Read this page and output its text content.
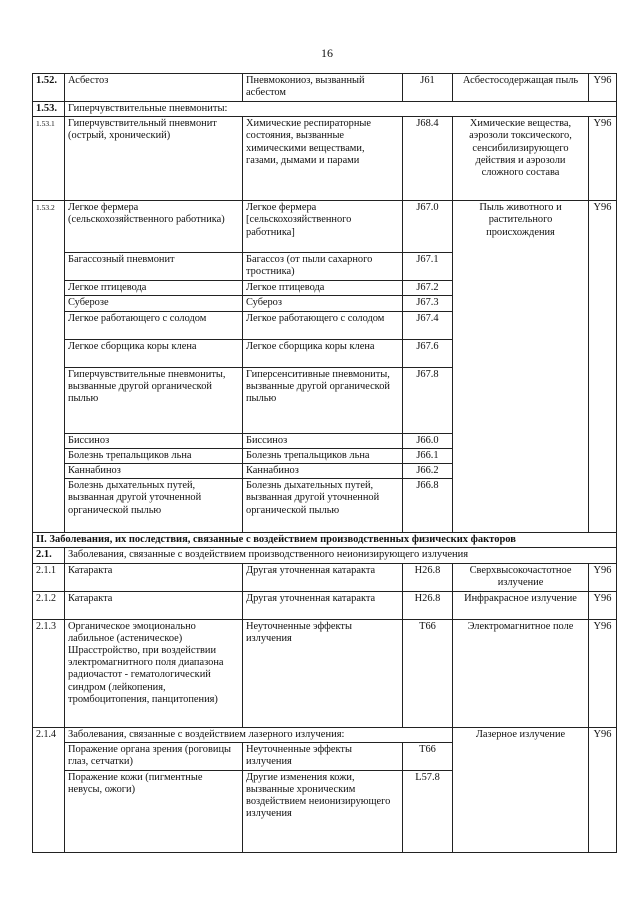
16
1.52.	Асбестоз	Пневмокониоз, вызванный асбестом	J61	Асбестосодержащая пыль	Y96
1.53.	Гиперчувствительные пневмониты:				
1.53.1	Гиперчувствительный пневмонит (острый, хронический)	Химические респираторные состояния, вызванные химическими веществами, газами, дымами и парами	J68.4	Химические вещества, аэрозоли токсического, сенсибилизирующего действия и аэрозоли сложного состава	Y96
1.53.2	Легкое фермера (сельскохозяйственного работника)	Легкое фермера [сельскохозяйственного работника]	J67.0	Пыль животного и растительного происхождения	Y96
	Багассозный пневмонит	Багассоз (от пыли сахарного тростника)	J67.1		
	Легкое птицевода	Легкое птицевода	J67.2		
	Суберозе	Субероз	J67.3		
	Легкое работающего с солодом	Легкое работающего с солодом	J67.4		
	Легкое сборщика коры клена	Легкое сборщика коры клена	J67.6		
	Гиперчувствительные пневмониты, вызванные другой органической пылью	Гиперсенситивные пневмониты, вызванные другой органической пылью	J67.8		
	Биссиноз	Биссиноз	J66.0		
	Болезнь трепальщиков льна	Болезнь трепальщиков льна	J66.1		
	Каннабиноз	Каннабиноз	J66.2		
	Болезнь дыхательных путей, вызванная другой уточненной органической пылью	Болезнь дыхательных путей, вызванная другой уточненной органической пылью	J66.8		
II. Заболевания, их последствия, связанные с воздействием производственных физических факторов					
2.1.	Заболевания, связанные с воздействием производственного неионизирующего излучения				
2.1.1	Катаракта	Другая уточненная катаракта	H26.8	Сверхвысокочастотное излучение	Y96
2.1.2	Катаракта	Другая уточненная катаракта	H26.8	Инфракрасное излучение	Y96
2.1.3	Органическое эмоционально лабильное (астеническое) Шрасстройство, при воздействии электромагнитного поля диапазона радиочастот - гематологический синдром (лейкопения, тромбоцитопения, панцитопения)	Неуточненные эффекты излучения	T66	Электромагнитное поле	Y96
2.1.4	Заболевания, связанные с воздействием лазерного излучения:			Лазерное излучение	Y96
	Поражение органа зрения (роговицы глаз, сетчатки)	Неуточненные эффекты излучения	T66		
	Поражение кожи (пигментные невусы, ожоги)	Другие изменения кожи, вызванные хроническим воздействием неионизирующего излучения	L57.8		
